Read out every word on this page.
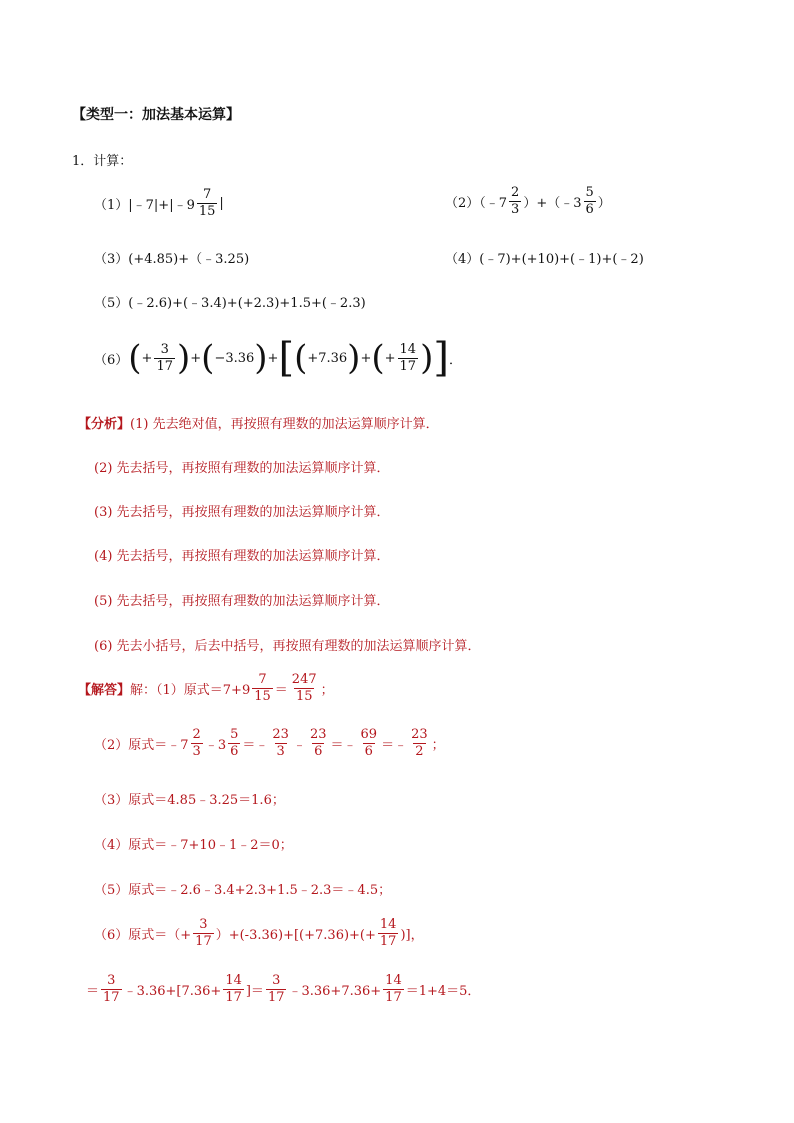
【类型一：加法基本运算】
1．计算：
（1）|﹣7|+|﹣9 $\frac{7}{15}$ |	（2）（﹣7 $\frac{2}{3}$ ）+（﹣3 $\frac{5}{6}$ ）
（3）(+4.85)+（﹣3.25)	（4）(﹣7)+(+10)+(﹣1)+(﹣2)
（5）(﹣2.6)+(﹣3.4)+(+2.3)+1.5+(﹣2.3)
（6） ( + $\frac{3}{17}$ ) + ( −3.36 ) + [ ( +7.36 ) + ( + $\frac{14}{17}$ ) ] ．
【分析】 (1) 先去绝对值，再按照有理数的加法运算顺序计算．
(2) 先去括号，再按照有理数的加法运算顺序计算．
(3) 先去括号，再按照有理数的加法运算顺序计算．
(4) 先去括号，再按照有理数的加法运算顺序计算．
(5) 先去括号，再按照有理数的加法运算顺序计算．
(6) 先去小括号，后去中括号，再按照有理数的加法运算顺序计算．
【解答】 解：（1）原式$=7+9 \frac{7}{15} = \frac{247}{15}$ ；
（2）原式＝﹣7 $\frac{2}{3}$ ﹣3 $\frac{5}{6}$ ＝﹣ $\frac{23}{3}$ ﹣ $\frac{23}{6}$ ＝﹣ $\frac{69}{6}$ ＝﹣ $\frac{23}{2}$ ；
（3）原式＝4.85﹣3.25＝1.6；
（4）原式＝﹣7+10﹣1﹣2＝0；
（5）原式＝﹣2.6﹣3.4+2.3+1.5﹣2.3＝﹣4.5；
（6）原式＝（+ $\frac{3}{17} )+(-3.36)+[(+7.36)+(+ \frac{14}{17}$ )]，
＝ $\frac{3}{17}$ ﹣3.36+[7.36+ $\frac{14}{17}$ ]＝ $\frac{3}{17}$ ﹣3.36+7.36+ $\frac{14}{17} =1+4=5$．
